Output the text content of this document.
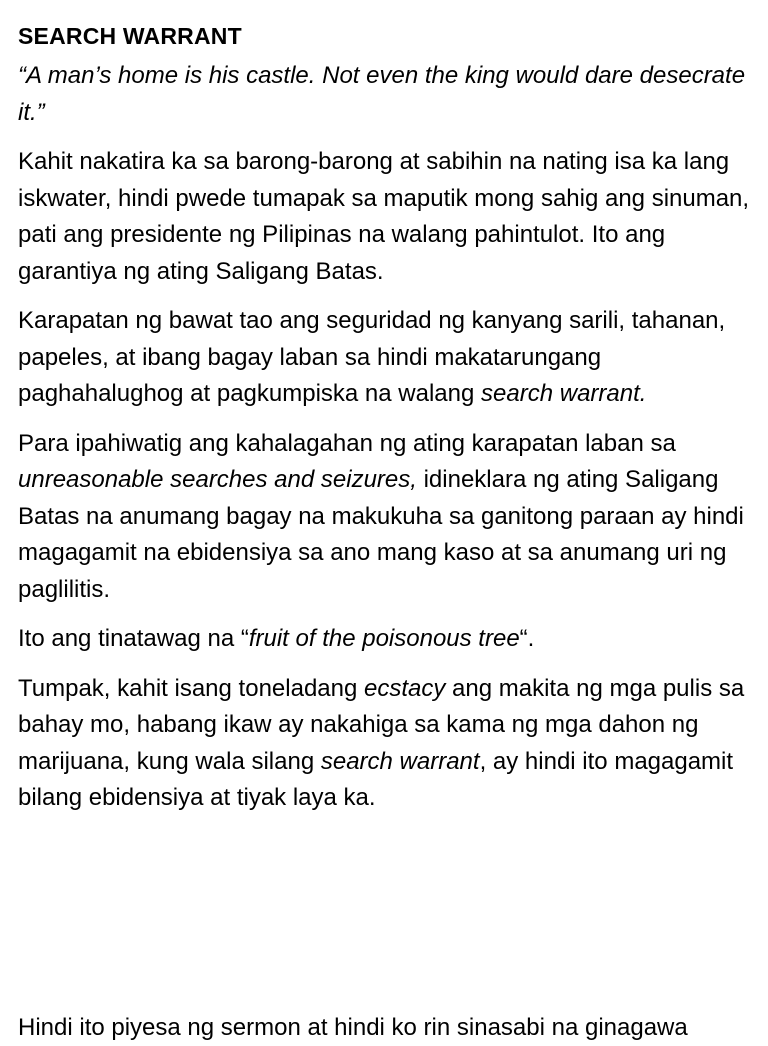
SEARCH WARRANT

“A man’s home is his castle. Not even the king would dare desecrate it.”

Kahit nakatira ka sa barong-barong at sabihin na nating isa ka lang iskwater, hindi pwede tumapak sa maputik mong sahig ang sinuman, pati ang presidente ng Pilipinas na walang pahintulot. Ito ang garantiya ng ating Saligang Batas.

Karapatan ng bawat tao ang seguridad ng kanyang sarili, tahanan, papeles, at ibang bagay laban sa hindi makatarungang paghahalughog at pagkumpiska na walang search warrant.

Para ipahiwatig ang kahalagahan ng ating karapatan laban sa unreasonable searches and seizures, idineklara ng ating Saligang Batas na anumang bagay na makukuha sa ganitong paraan ay hindi magagamit na ebidensiya sa ano mang kaso at sa anumang uri ng paglilitis.

Ito ang tinatawag na “fruit of the poisonous tree“.

Tumpak, kahit isang toneladang ecstacy ang makita ng mga pulis sa bahay mo, habang ikaw ay nakahiga sa kama ng mga dahon ng marijuana, kung wala silang search warrant, ay hindi ito magagamit bilang ebidensiya at tiyak laya ka.

Hindi ito piyesa ng sermon at hindi ko rin sinasabi na ginagawa
